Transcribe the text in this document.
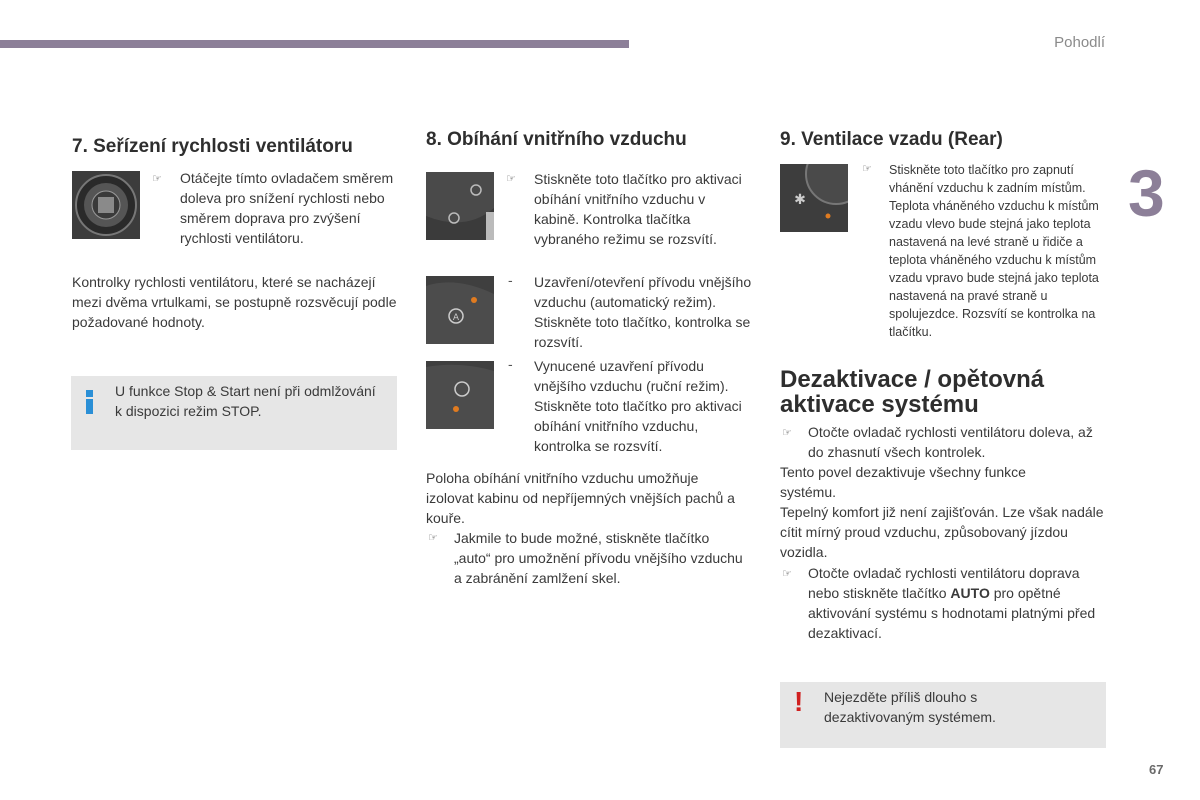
Pohodlí
3
67
7. Seřízení rychlosti ventilátoru
☞ Otáčejte tímto ovladačem směrem doleva pro snížení rychlosti nebo směrem doprava pro zvýšení rychlosti ventilátoru.

Kontrolky rychlosti ventilátoru, které se nacházejí mezi dvěma vrtulkami, se postupně rozsvěcují podle požadované hodnoty.

U funkce Stop & Start není při odmlžování k dispozici režim STOP.

8. Obíhání vnitřního vzduchu
☞ Stiskněte toto tlačítko pro aktivaci obíhání vnitřního vzduchu v kabině. Kontrolka tlačítka vybraného režimu se rozsvítí.

A
- Uzavření/otevření přívodu vnějšího vzduchu (automatický režim). Stiskněte toto tlačítko, kontrolka se rozsvítí.

- Vynucené uzavření přívodu vnějšího vzduchu (ruční režim). Stiskněte toto tlačítko pro aktivaci obíhání vnitřního vzduchu, kontrolka se rozsvítí.

Poloha obíhání vnitřního vzduchu umožňuje izolovat kabinu od nepříjemných vnějších pachů a kouře.

☞ Jakmile to bude možné, stiskněte tlačítko „auto“ pro umožnění přívodu vnějšího vzduchu a zabránění zamlžení skel.

9. Ventilace vzadu (Rear)
✱
☞ Stiskněte toto tlačítko pro zapnutí vhánění vzduchu k zadním místům. Teplota vháněného vzduchu k místům vzadu vlevo bude stejná jako teplota nastavená na levé straně u řidiče a teplota vháněného vzduchu k místům vzadu vpravo bude stejná jako teplota nastavená na pravé straně u spolujezdce. Rozsvítí se kontrolka na tlačítku.

Dezaktivace / opětovná aktivace systému
☞ Otočte ovladač rychlosti ventilátoru doleva, až do zhasnutí všech kontrolek.

Tento povel dezaktivuje všechny funkce systému.

Tepelný komfort již není zajišťován. Lze však nadále cítit mírný proud vzduchu, způsobovaný jízdou vozidla.

☞ Otočte ovladač rychlosti ventilátoru doprava nebo stiskněte tlačítko AUTO pro opětné aktivování systému s hodnotami platnými před dezaktivací.

! Nejezděte příliš dlouho s dezaktivovaným systémem.
